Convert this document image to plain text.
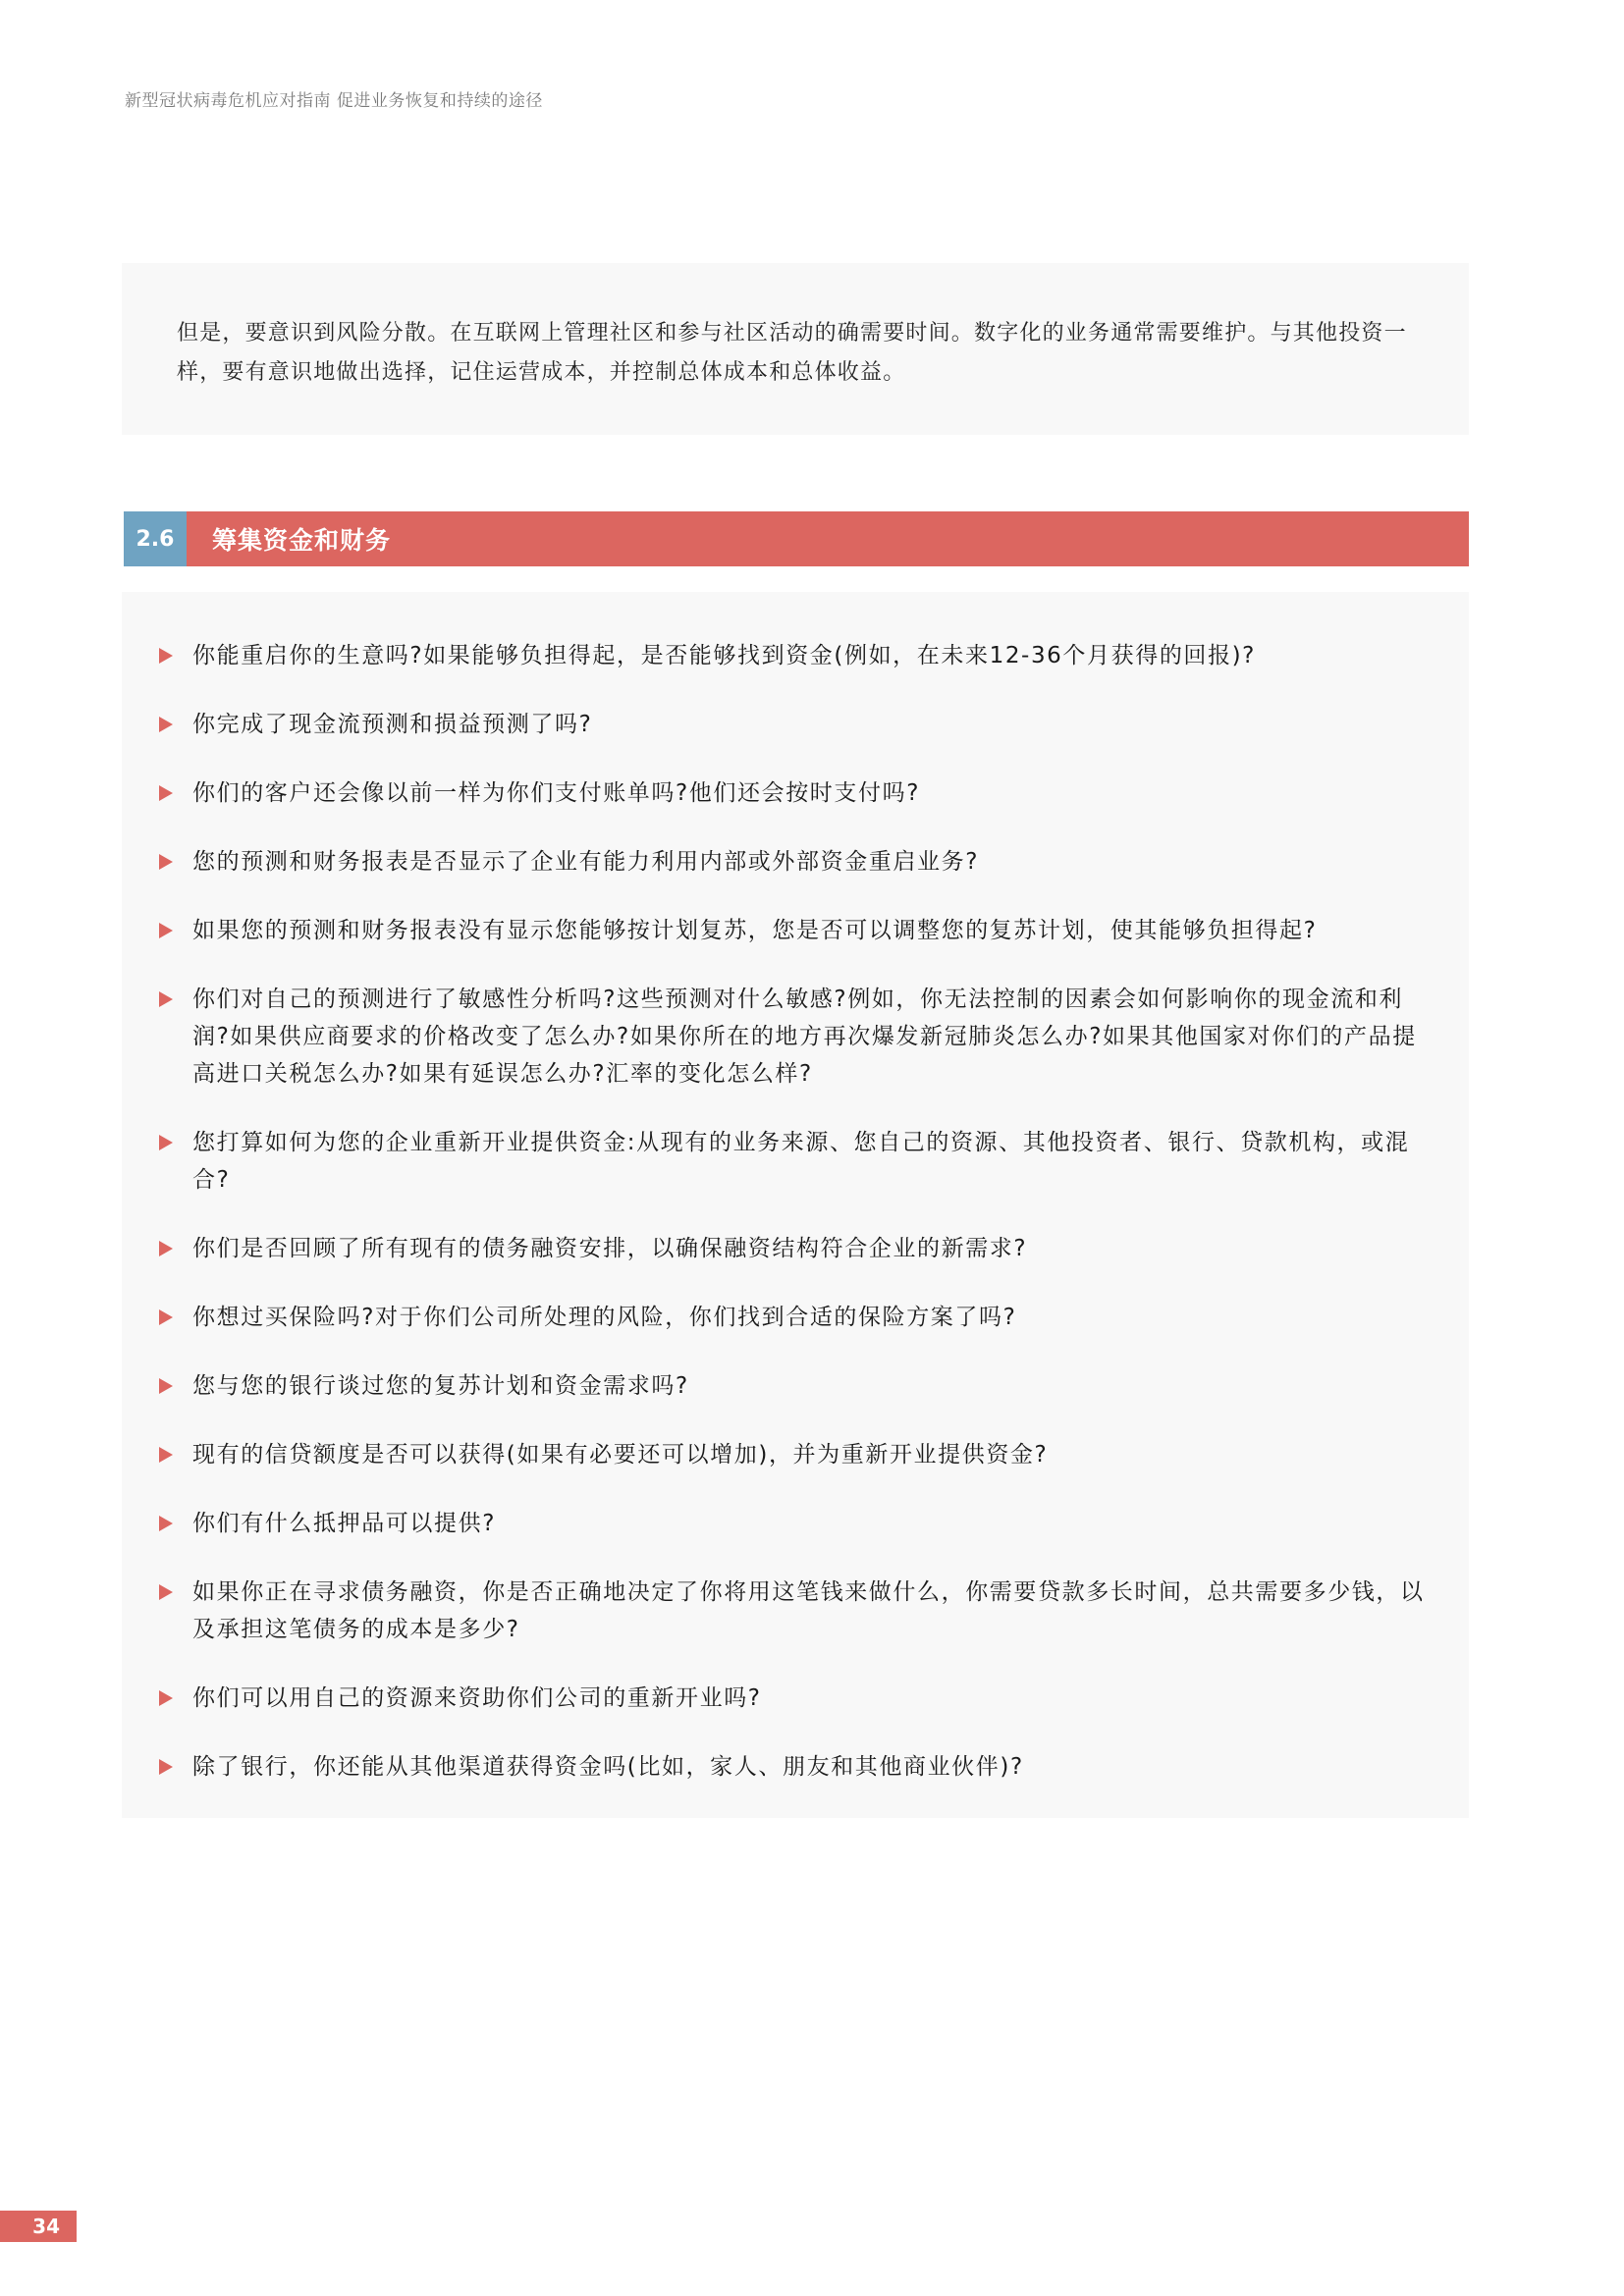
新型冠状病毒危机应对指南 促进业务恢复和持续的途径

但是，要意识到风险分散。在互联网上管理社区和参与社区活动的确需要时间。数字化的业务通常需要维护。与其他投资一样，要有意识地做出选择，记住运营成本，并控制总体成本和总体收益。

2.6	筹集资金和财务
你能重启你的生意吗?如果能够负担得起，是否能够找到资金(例如，在未来12-36个月获得的回报)?
你完成了现金流预测和损益预测了吗?
你们的客户还会像以前一样为你们支付账单吗?他们还会按时支付吗?
您的预测和财务报表是否显示了企业有能力利用内部或外部资金重启业务?
如果您的预测和财务报表没有显示您能够按计划复苏，您是否可以调整您的复苏计划，使其能够负担得起?
你们对自己的预测进行了敏感性分析吗?这些预测对什么敏感?例如，你无法控制的因素会如何影响你的现金流和利润?如果供应商要求的价格改变了怎么办?如果你所在的地方再次爆发新冠肺炎怎么办?如果其他国家对你们的产品提高进口关税怎么办?如果有延误怎么办?汇率的变化怎么样?
您打算如何为您的企业重新开业提供资金:从现有的业务来源、您自己的资源、其他投资者、银行、贷款机构，或混合?
你们是否回顾了所有现有的债务融资安排，以确保融资结构符合企业的新需求?
你想过买保险吗?对于你们公司所处理的风险，你们找到合适的保险方案了吗?
您与您的银行谈过您的复苏计划和资金需求吗?
现有的信贷额度是否可以获得(如果有必要还可以增加)，并为重新开业提供资金?
你们有什么抵押品可以提供?
如果你正在寻求债务融资，你是否正确地决定了你将用这笔钱来做什么，你需要贷款多长时间，总共需要多少钱，以及承担这笔债务的成本是多少?
你们可以用自己的资源来资助你们公司的重新开业吗?
除了银行，你还能从其他渠道获得资金吗(比如，家人、朋友和其他商业伙伴)?
34
